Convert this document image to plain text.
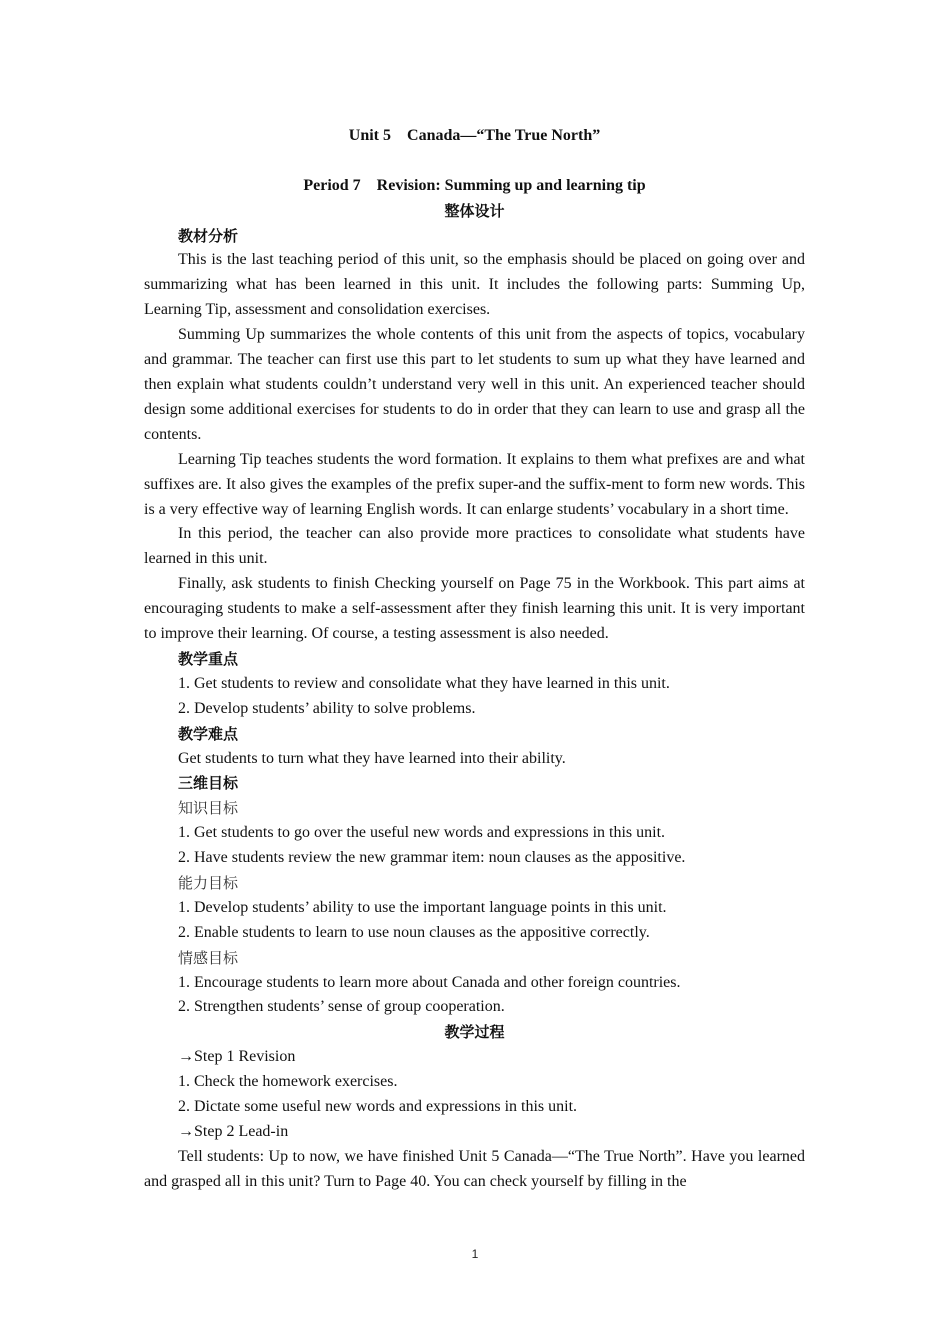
Unit 5　Canada—“The True North”
Period 7　Revision: Summing up and learning tip
整体设计
教材分析

This is the last teaching period of this unit, so the emphasis should be placed on going over and summarizing what has been learned in this unit. It includes the following parts: Summing Up, Learning Tip, assessment and consolidation exercises.

Summing Up summarizes the whole contents of this unit from the aspects of topics, vocabulary and grammar. The teacher can first use this part to let students to sum up what they have learned and then explain what students couldn’t understand very well in this unit. An experienced teacher should design some additional exercises for students to do in order that they can learn to use and grasp all the contents.

Learning Tip teaches students the word formation. It explains to them what prefixes are and what suffixes are. It also gives the examples of the prefix super-and the suffix-ment to form new words. This is a very effective way of learning English words. It can enlarge students’ vocabulary in a short time.

In this period, the teacher can also provide more practices to consolidate what students have learned in this unit.

Finally, ask students to finish Checking yourself on Page 75 in the Workbook. This part aims at encouraging students to make a self-assessment after they finish learning this unit. It is very important to improve their learning. Of course, a testing assessment is also needed.

教学重点
1. Get students to review and consolidate what they have learned in this unit.
2. Develop students’ ability to solve problems.
教学难点
Get students to turn what they have learned into their ability.
三维目标
知识目标
1. Get students to go over the useful new words and expressions in this unit.
2. Have students review the new grammar item: noun clauses as the appositive.
能力目标
1. Develop students’ ability to use the important language points in this unit.
2. Enable students to learn to use noun clauses as the appositive correctly.
情感目标
1. Encourage students to learn more about Canada and other foreign countries.
2. Strengthen students’ sense of group cooperation.
教学过程
→Step 1 Revision
1. Check the homework exercises.
2. Dictate some useful new words and expressions in this unit.
→Step 2 Lead-in

Tell students: Up to now, we have finished Unit 5 Canada—“The True North”. Have you learned and grasped all in this unit? Turn to Page 40. You can check yourself by filling in the

1
